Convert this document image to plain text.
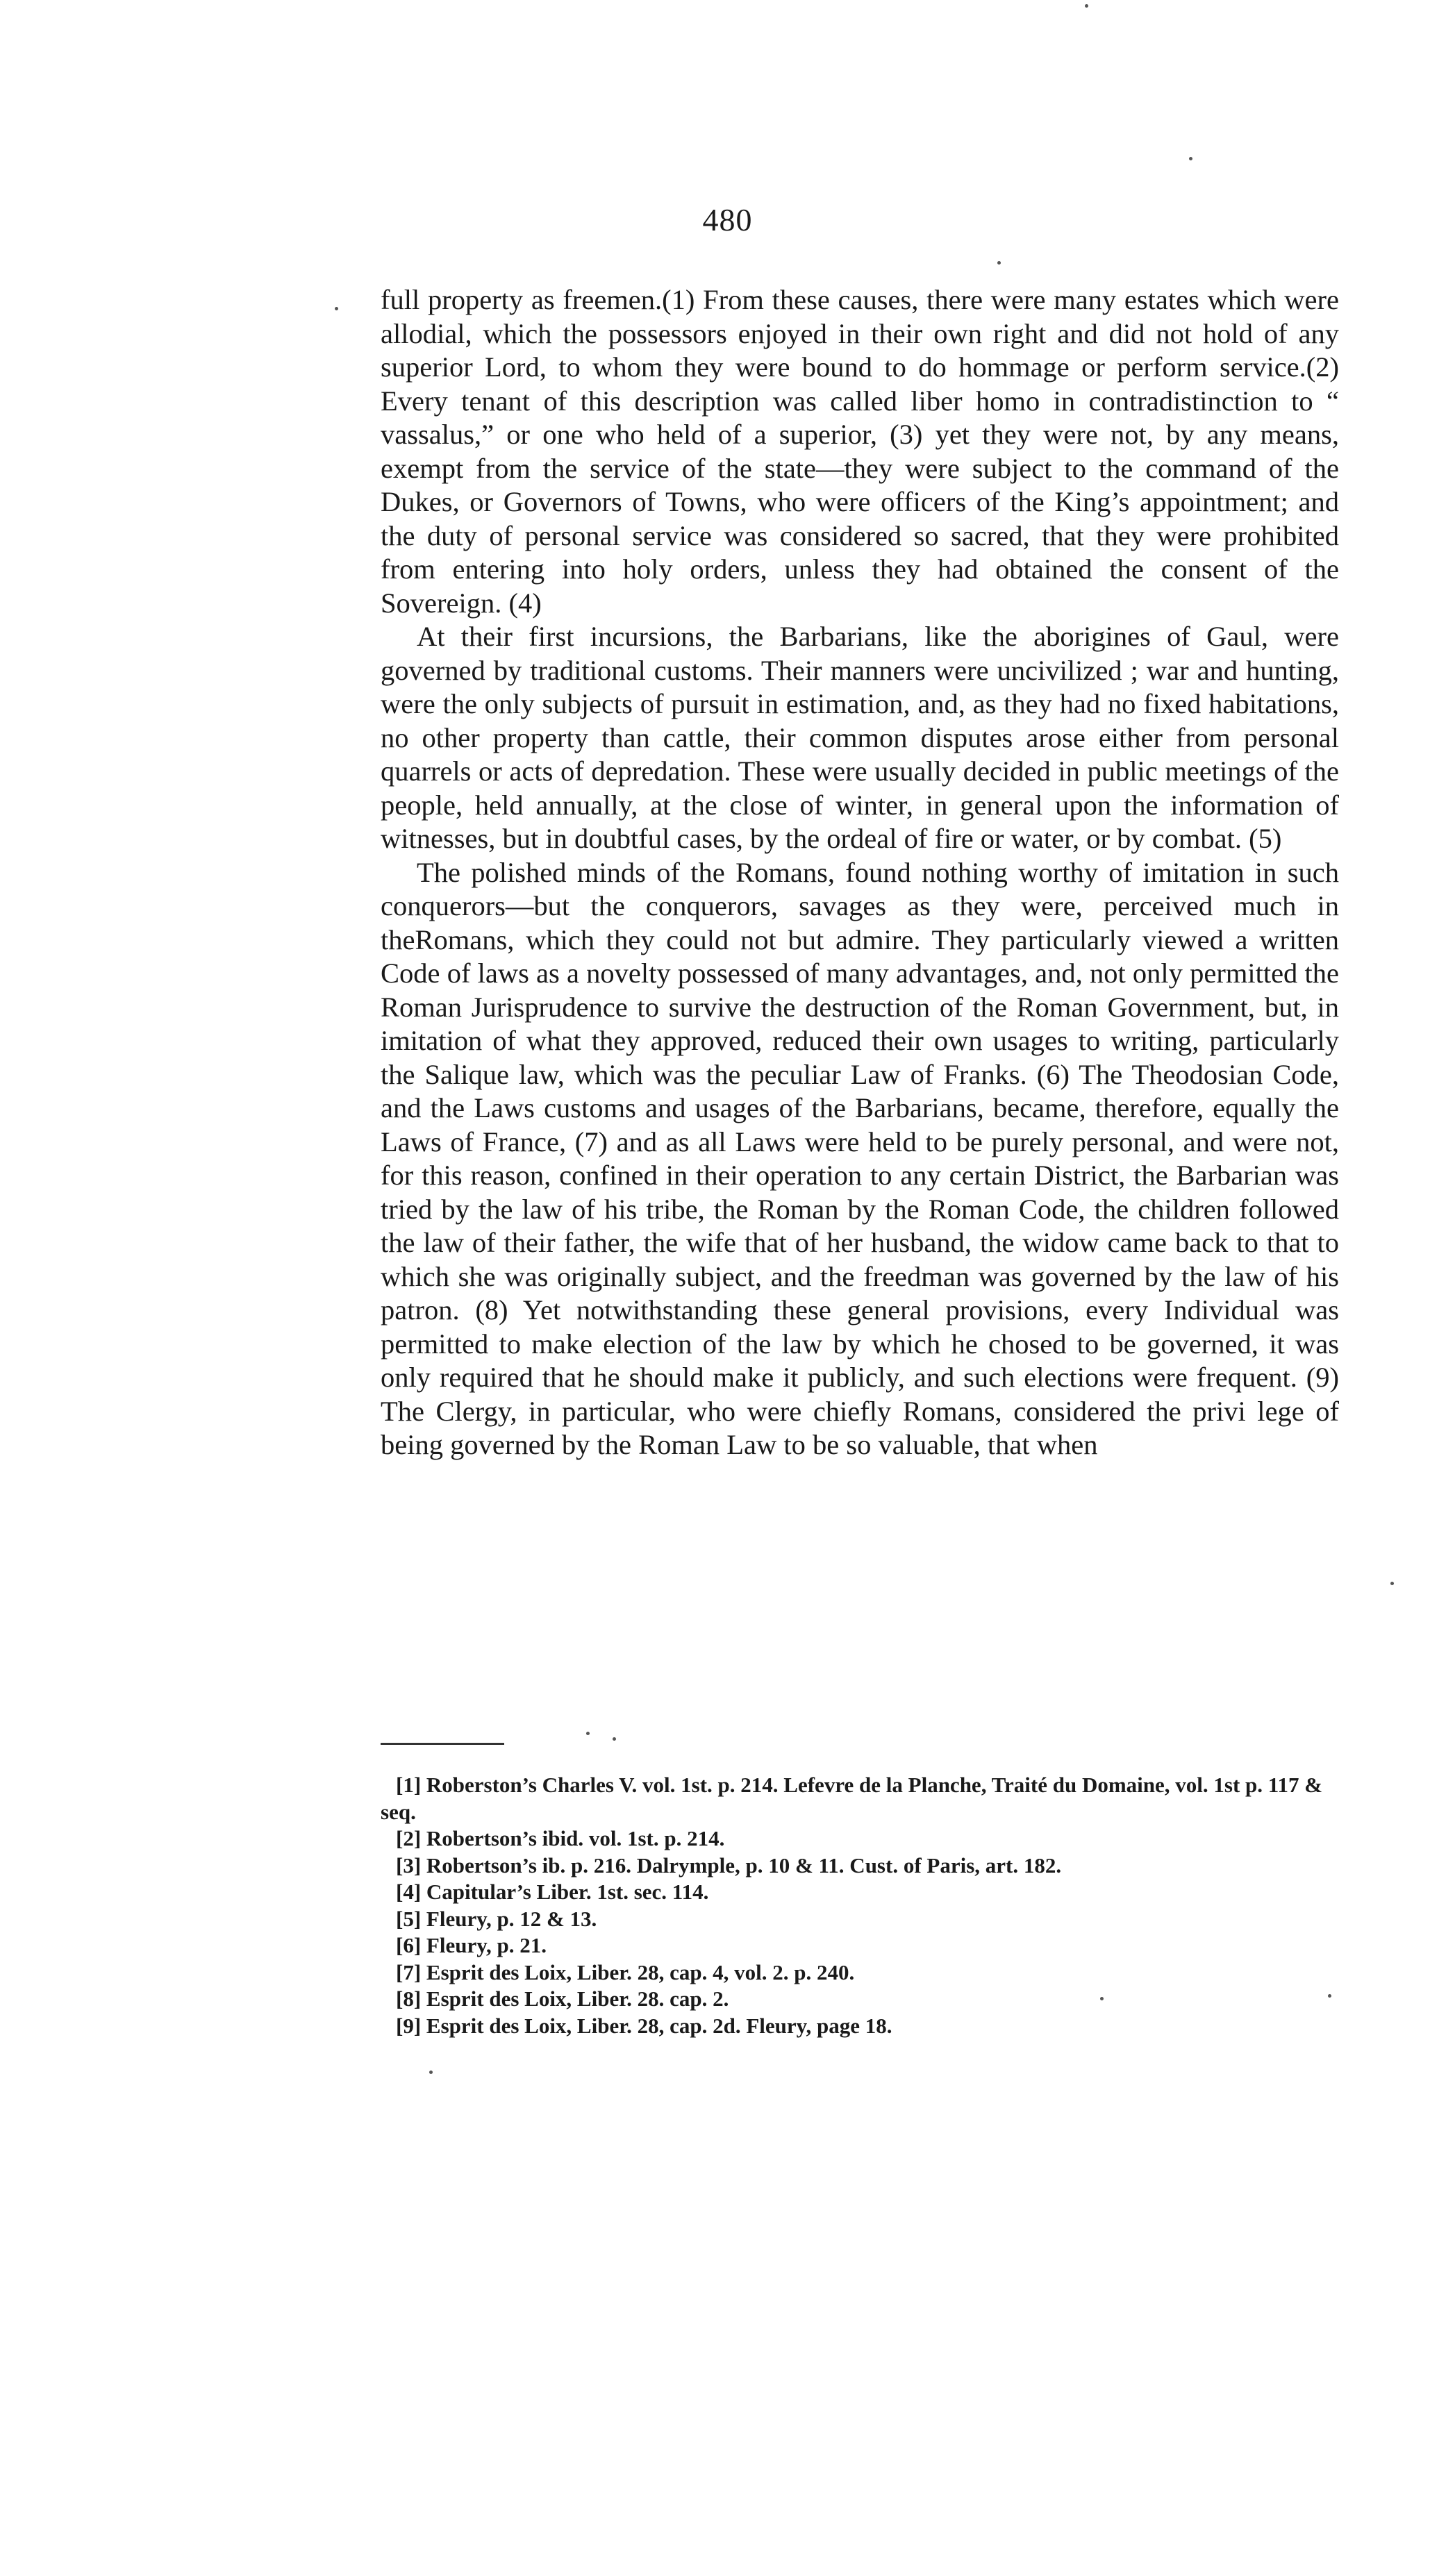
480

full property as freemen.(1) From these causes, there were many estates which were allodial, which the possessors enjoyed in their own right and did not hold of any superior Lord, to whom they were bound to do hommage or perform service.(2) Every tenant of this description was called liber homo in contradistinction to “ vassalus,” or one who held of a superior, (3) yet they were not, by any means, exempt from the service of the state—they were subject to the command of the Dukes, or Governors of Towns, who were officers of the King’s appointment; and the duty of personal service was considered so sacred, that they were prohibited from entering into holy orders, unless they had obtained the consent of the Sovereign. (4)

At their first incursions, the Barbarians, like the aborigines of Gaul, were governed by traditional customs. Their manners were uncivilized ; war and hunting, were the only subjects of pursuit in estimation, and, as they had no fixed habitations, no other property than cattle, their common disputes arose either from personal quarrels or acts of depredation. These were usually decided in public meetings of the people, held annually, at the close of winter, in general upon the information of witnesses, but in doubtful cases, by the ordeal of fire or water, or by combat. (5)

The polished minds of the Romans, found nothing worthy of imitation in such conquerors—but the conquerors, savages as they were, perceived much in theRomans, which they could not but admire. They particularly viewed a written Code of laws as a novelty possessed of many advantages, and, not only permitted the Roman Jurisprudence to survive the destruction of the Roman Government, but, in imitation of what they approved, reduced their own usages to writing, particularly the Salique law, which was the peculiar Law of Franks. (6) The Theodosian Code, and the Laws customs and usages of the Barbarians, became, therefore, equally the Laws of France, (7) and as all Laws were held to be purely personal, and were not, for this reason, confined in their operation to any certain District, the Barbarian was tried by the law of his tribe, the Roman by the Roman Code, the children followed the law of their father, the wife that of her husband, the widow came back to that to which she was originally subject, and the freedman was governed by the law of his patron. (8) Yet notwithstanding these general provisions, every Individual was permitted to make election of the law by which he chosed to be governed, it was only required that he should make it publicly, and such elections were frequent. (9) The Clergy, in particular, who were chiefly Romans, considered the privi lege of being governed by the Roman Law to be so valuable, that when

[1] Roberston’s Charles V. vol. 1st. p. 214. Lefevre de la Planche, Traité du Domaine, vol. 1st p. 117 & seq.

[2] Robertson’s ibid. vol. 1st. p. 214.

[3] Robertson’s ib. p. 216. Dalrymple, p. 10 & 11. Cust. of Paris, art. 182.

[4] Capitular’s Liber. 1st. sec. 114.

[5] Fleury, p. 12 & 13.

[6] Fleury, p. 21.

[7] Esprit des Loix, Liber. 28, cap. 4, vol. 2. p. 240.

[8] Esprit des Loix, Liber. 28. cap. 2.

[9] Esprit des Loix, Liber. 28, cap. 2d. Fleury, page 18.
